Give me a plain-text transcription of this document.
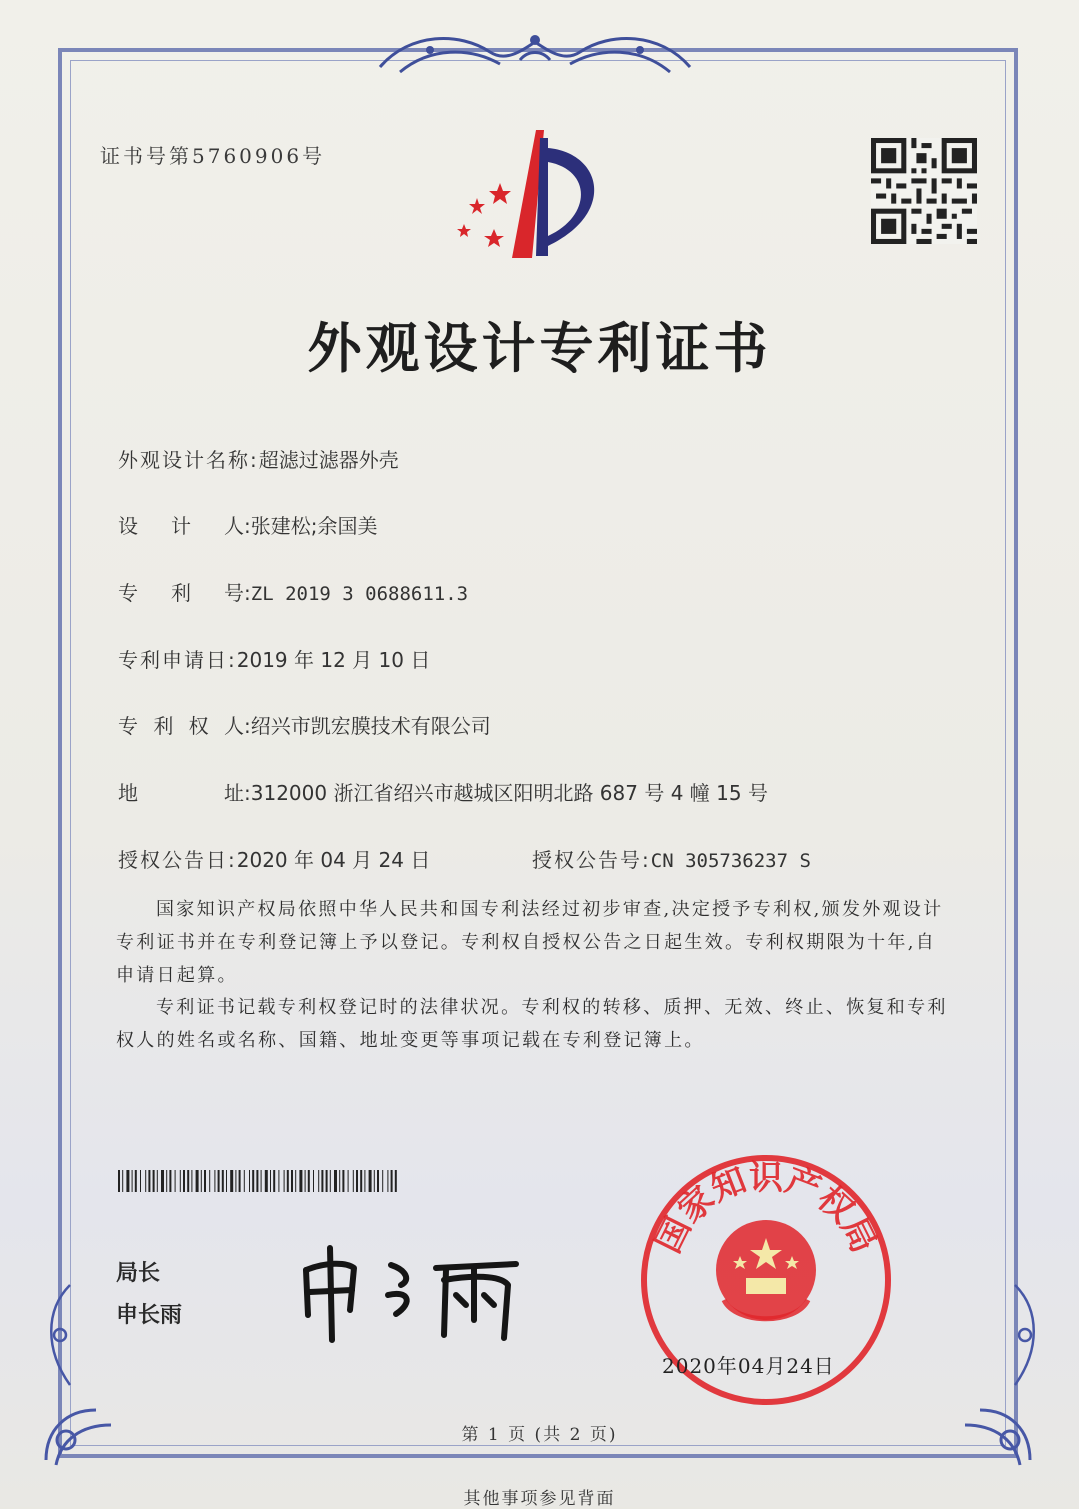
证书号第5760906号
外观设计专利证书
外观设计名称:超滤过滤器外壳
设 计 人 :张建松;余国美
专 利 号 :ZL 2019 3 0688611.3
专利申请日:2019 年 12 月 10 日
专 利 权 人 :绍兴市凯宏膜技术有限公司
地	址 :312000 浙江省绍兴市越城区阳明北路 687 号 4 幢 15 号
授权公告日:2020 年 04 月 24 日	授权公告号:CN 305736237 S
国家知识产权局依照中华人民共和国专利法经过初步审查,决定授予专利权,颁发外观设计专利证书并在专利登记簿上予以登记。专利权自授权公告之日起生效。专利权期限为十年,自申请日起算。
专利证书记载专利权登记时的法律状况。专利权的转移、质押、无效、终止、恢复和专利权人的姓名或名称、国籍、地址变更等事项记载在专利登记簿上。
局长
申长雨
国家知识产权局
2020年04月24日
第 1 页 (共 2 页)
其他事项参见背面
